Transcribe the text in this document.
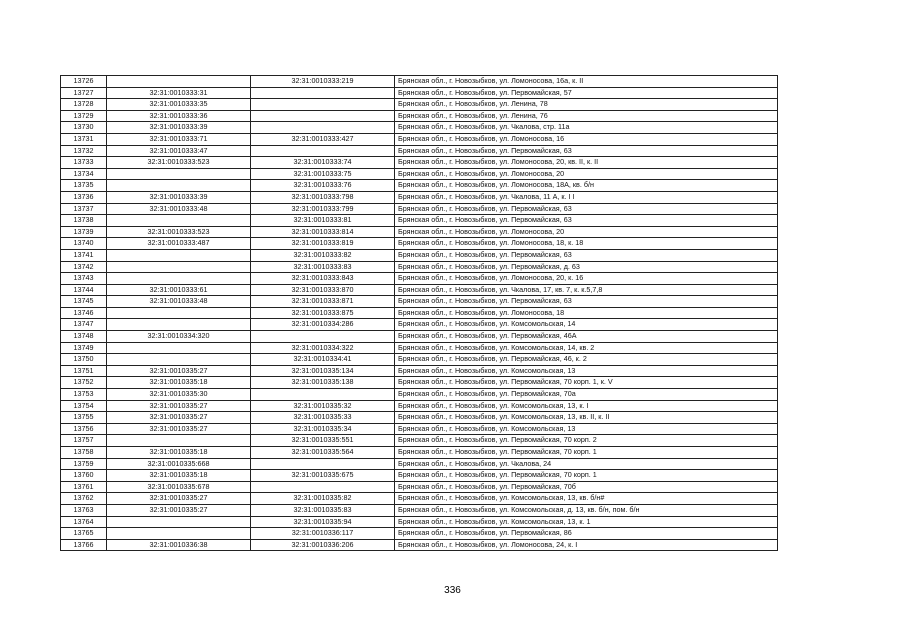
13726		32:31:0010333:219	Брянская обл., г. Новозыбков, ул. Ломоносова, 16а, к. II
13727	32:31:0010333:31		Брянская обл., г. Новозыбков, ул. Первомайская, 57
13728	32:31:0010333:35		Брянская обл., г. Новозыбков, ул. Ленина, 78
13729	32:31:0010333:36		Брянская обл., г. Новозыбков, ул. Ленина, 76
13730	32:31:0010333:39		Брянская обл., г. Новозыбков, ул. Чкалова, стр. 11а
13731	32:31:0010333:71	32:31:0010333:427	Брянская обл., г. Новозыбков, ул. Ломоносова, 16
13732	32:31:0010333:47		Брянская обл., г. Новозыбков, ул. Первомайская, 63
13733	32:31:0010333:523	32:31:0010333:74	Брянская обл., г. Новозыбков, ул. Ломоносова, 20, кв. II, к. II
13734		32:31:0010333:75	Брянская обл., г. Новозыбков, ул. Ломоносова, 20
13735		32:31:0010333:76	Брянская обл., г. Новозыбков, ул. Ломоносова, 18А, кв. б/н
13736	32:31:0010333:39	32:31:0010333:798	Брянская обл., г. Новозыбков, ул. Чкалова, 11 А, к. I I
13737	32:31:0010333:48	32:31:0010333:799	Брянская обл., г. Новозыбков, ул. Первомайская, 63
13738		32:31:0010333:81	Брянская обл., г. Новозыбков, ул. Первомайская, 63
13739	32:31:0010333:523	32:31:0010333:814	Брянская обл., г. Новозыбков, ул. Ломоносова, 20
13740	32:31:0010333:487	32:31:0010333:819	Брянская обл., г. Новозыбков, ул. Ломоносова, 18, к. 18
13741		32:31:0010333:82	Брянская обл., г. Новозыбков, ул. Первомайская, 63
13742		32:31:0010333:83	Брянская обл., г. Новозыбков, ул. Первомайская, д. 63
13743		32:31:0010333:843	Брянская обл., г. Новозыбков, ул. Ломоносова, 20, к. 16
13744	32:31:0010333:61	32:31:0010333:870	Брянская обл., г. Новозыбков, ул. Чкалова, 17, кв. 7, к. к.5,7,8
13745	32:31:0010333:48	32:31:0010333:871	Брянская обл., г. Новозыбков, ул. Первомайская, 63
13746		32:31:0010333:875	Брянская обл., г. Новозыбков, ул. Ломоносова, 18
13747		32:31:0010334:286	Брянская обл., г. Новозыбков, ул. Комсомольская, 14
13748	32:31:0010334:320		Брянская обл., г. Новозыбков, ул. Первомайская, 46А
13749		32:31:0010334:322	Брянская обл., г. Новозыбков, ул. Комсомольская, 14, кв. 2
13750		32:31:0010334:41	Брянская обл., г. Новозыбков, ул. Первомайская, 46, к. 2
13751	32:31:0010335:27	32:31:0010335:134	Брянская обл., г. Новозыбков, ул. Комсомольская, 13
13752	32:31:0010335:18	32:31:0010335:138	Брянская обл., г. Новозыбков, ул. Первомайская, 70 корп. 1, к. V
13753	32:31:0010335:30		Брянская обл., г. Новозыбков, ул. Первомайская, 70а
13754	32:31:0010335:27	32:31:0010335:32	Брянская обл., г. Новозыбков, ул. Комсомольская, 13, к. I
13755	32:31:0010335:27	32:31:0010335:33	Брянская обл., г. Новозыбков, ул. Комсомольская, 13, кв. II, к. II
13756	32:31:0010335:27	32:31:0010335:34	Брянская обл., г. Новозыбков, ул. Комсомольская, 13
13757		32:31:0010335:551	Брянская обл., г. Новозыбков, ул. Первомайская, 70 корп. 2
13758	32:31:0010335:18	32:31:0010335:564	Брянская обл., г. Новозыбков, ул. Первомайская, 70 корп. 1
13759	32:31:0010335:668		Брянская обл., г. Новозыбков, ул. Чкалова, 24
13760	32:31:0010335:18	32:31:0010335:675	Брянская обл., г. Новозыбков, ул. Первомайская, 70 корп. 1
13761	32:31:0010335:678		Брянская обл., г. Новозыбков, ул. Первомайская, 70б
13762	32:31:0010335:27	32:31:0010335:82	Брянская обл., г. Новозыбков, ул. Комсомольская, 13, кв. б/н#
13763	32:31:0010335:27	32:31:0010335:83	Брянская обл., г. Новозыбков, ул. Комсомольская, д. 13, кв. б/н, пом. б/н
13764		32:31:0010335:94	Брянская обл., г. Новозыбков, ул. Комсомольская, 13, к. 1
13765		32:31:0010336:117	Брянская обл., г. Новозыбков, ул. Первомайская, 86
13766	32:31:0010336:38	32:31:0010336:206	Брянская обл., г. Новозыбков, ул. Ломоносова, 24, к. I
336
